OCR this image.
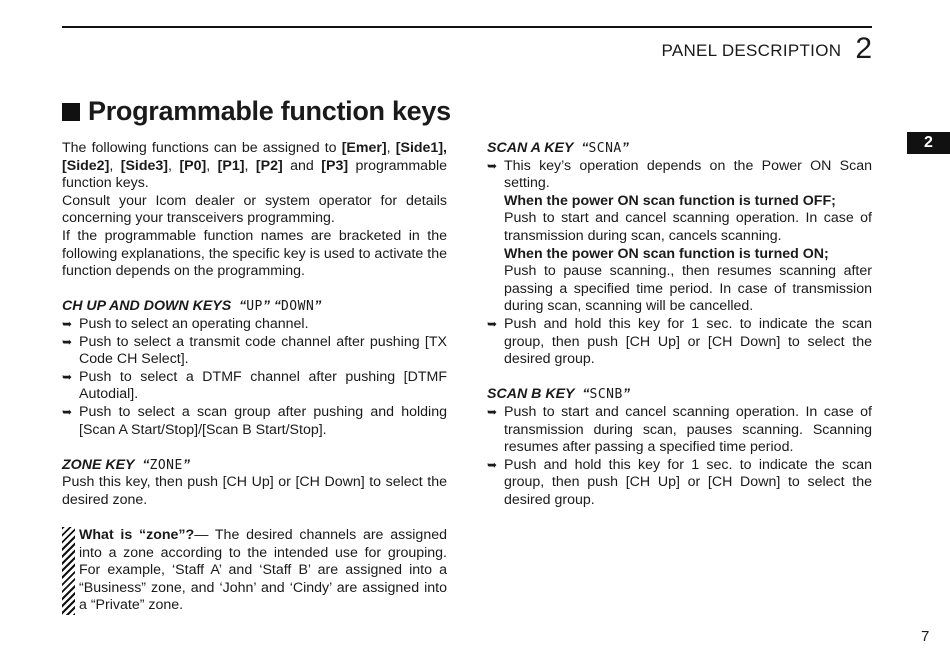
PANEL DESCRIPTION 2
2
Programmable function keys

The following functions can be assigned to [Emer], [Side1], [Side2], [Side3], [P0], [P1], [P2] and [P3] programmable function keys.

Consult your Icom dealer or system operator for details concerning your transceivers programming.

If the programmable function names are bracketed in the following explanations, the specific key is used to activate the function depends on the programming.

CH UP AND DOWN KEYS  “UP” “DOWN”
➥ Push to select an operating channel.
➥ Push to select a transmit code channel after pushing [TX Code CH Select].
➥ Push to select a DTMF channel after pushing [DTMF Autodial].
➥ Push to select a scan group after pushing and holding [Scan A Start/Stop]/[Scan B Start/Stop].
ZONE KEY  “ZONE”

Push this key, then push [CH Up] or [CH Down] to select the desired zone.

What is “zone”?— The desired channels are assigned into a zone according to the intended use for grouping. For example, ‘Staff A’ and ‘Staff B’ are assigned into a “Business” zone, and ‘John’ and ‘Cindy’ are assigned into a “Private” zone.
SCAN A KEY  “SCNA”
➥ This key’s operation depends on the Power ON Scan setting.
When the power ON scan function is turned OFF;
Push to start and cancel scanning operation. In case of transmission during scan, cancels scanning.
When the power ON scan function is turned ON;
Push to pause scanning., then resumes scanning after passing a specified time period. In case of transmission during scan, scanning will be cancelled.
➥ Push and hold this key for 1 sec. to indicate the scan group, then push [CH Up] or [CH Down] to select the desired group.
SCAN B KEY  “SCNB”
➥ Push to start and cancel scanning operation. In case of transmission during scan, pauses scanning. Scanning resumes after passing a specified time period.
➥ Push and hold this key for 1 sec. to indicate the scan group, then push [CH Up] or [CH Down] to select the desired group.
7
